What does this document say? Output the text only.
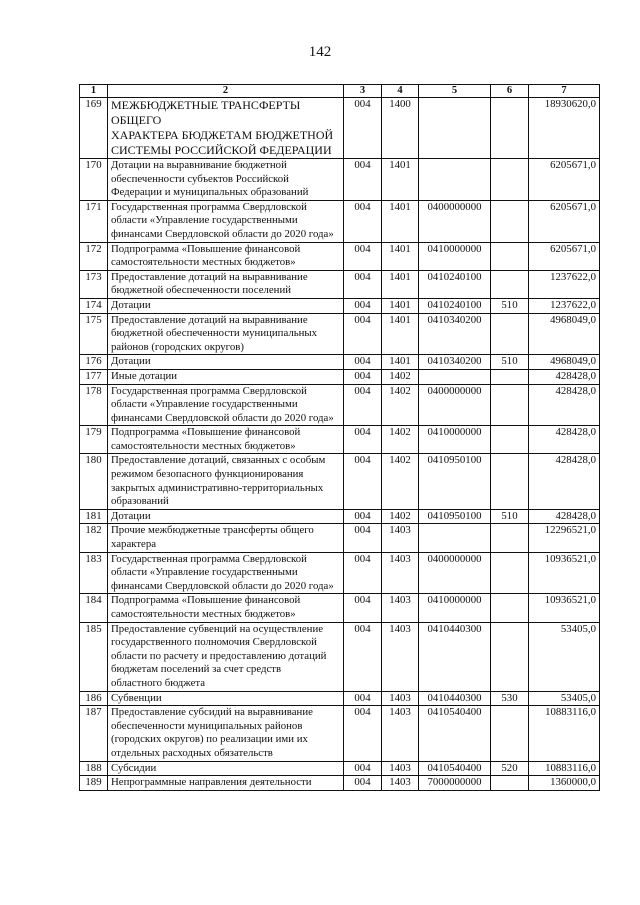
142
1	2	3	4	5	6	7
169	МЕЖБЮДЖЕТНЫЕ ТРАНСФЕРТЫ ОБЩЕГО
ХАРАКТЕРА БЮДЖЕТАМ БЮДЖЕТНОЙ
СИСТЕМЫ РОССИЙСКОЙ ФЕДЕРАЦИИ	004	1400			18930620,0
170	Дотации на выравнивание бюджетной
обеспеченности субъектов Российской
Федерации и муниципальных образований	004	1401			6205671,0
171	Государственная программа Свердловской
области «Управление государственными
финансами Свердловской области до 2020 года»	004	1401	0400000000		6205671,0
172	Подпрограмма «Повышение финансовой
самостоятельности местных бюджетов»	004	1401	0410000000		6205671,0
173	Предоставление дотаций на выравнивание
бюджетной обеспеченности поселений	004	1401	0410240100		1237622,0
174	Дотации	004	1401	0410240100	510	1237622,0
175	Предоставление дотаций на выравнивание
бюджетной обеспеченности муниципальных
районов (городских округов)	004	1401	0410340200		4968049,0
176	Дотации	004	1401	0410340200	510	4968049,0
177	Иные дотации	004	1402			428428,0
178	Государственная программа Свердловской
области «Управление государственными
финансами Свердловской области до 2020 года»	004	1402	0400000000		428428,0
179	Подпрограмма «Повышение финансовой
самостоятельности местных бюджетов»	004	1402	0410000000		428428,0
180	Предоставление дотаций, связанных с особым
режимом безопасного функционирования
закрытых административно-территориальных
образований	004	1402	0410950100		428428,0
181	Дотации	004	1402	0410950100	510	428428,0
182	Прочие межбюджетные трансферты общего
характера	004	1403			12296521,0
183	Государственная программа Свердловской
области «Управление государственными
финансами Свердловской области до 2020 года»	004	1403	0400000000		10936521,0
184	Подпрограмма «Повышение финансовой
самостоятельности местных бюджетов»	004	1403	0410000000		10936521,0
185	Предоставление субвенций на осуществление
государственного полномочия Свердловской
области по расчету и предоставлению дотаций
бюджетам поселений за счет средств
областного бюджета	004	1403	0410440300		53405,0
186	Субвенции	004	1403	0410440300	530	53405,0
187	Предоставление субсидий на выравнивание
обеспеченности муниципальных районов
(городских округов) по реализации ими их
отдельных расходных обязательств	004	1403	0410540400		10883116,0
188	Субсидии	004	1403	0410540400	520	10883116,0
189	Непрограммные направления деятельности	004	1403	7000000000		1360000,0
